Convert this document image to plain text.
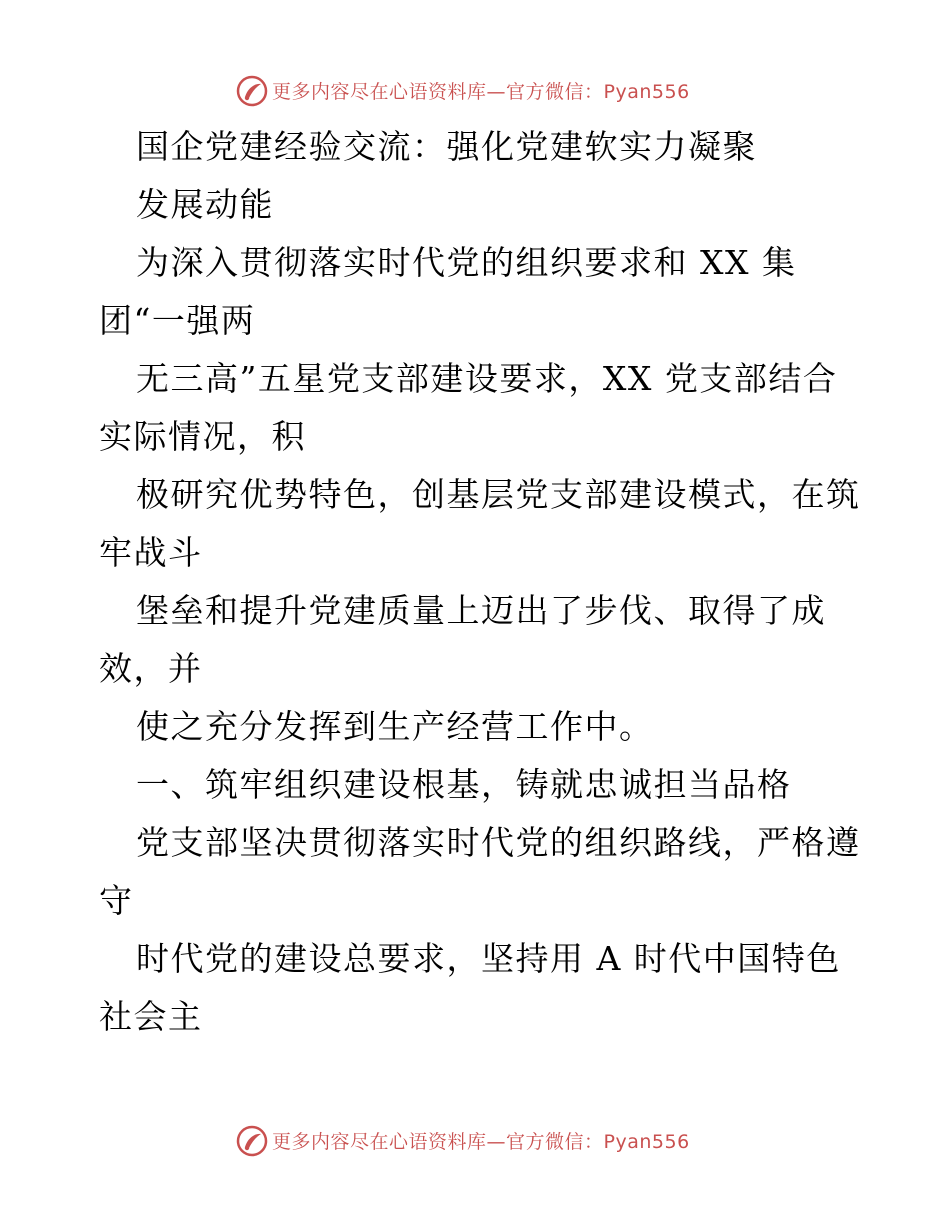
更多内容尽在心语资料库—官方微信：Pyan556
国企党建经验交流：强化党建软实力凝聚
发展动能
为深入贯彻落实时代党的组织要求和 XX 集
团“一强两
无三高”五星党支部建设要求，XX 党支部结合
实际情况，积
极研究优势特色，创基层党支部建设模式，在筑
牢战斗
堡垒和提升党建质量上迈出了步伐、取得了成
效，并
使之充分发挥到生产经营工作中。
一、筑牢组织建设根基，铸就忠诚担当品格
党支部坚决贯彻落实时代党的组织路线，严格遵
守
时代党的建设总要求，坚持用 A 时代中国特色
社会主
更多内容尽在心语资料库—官方微信：Pyan556
